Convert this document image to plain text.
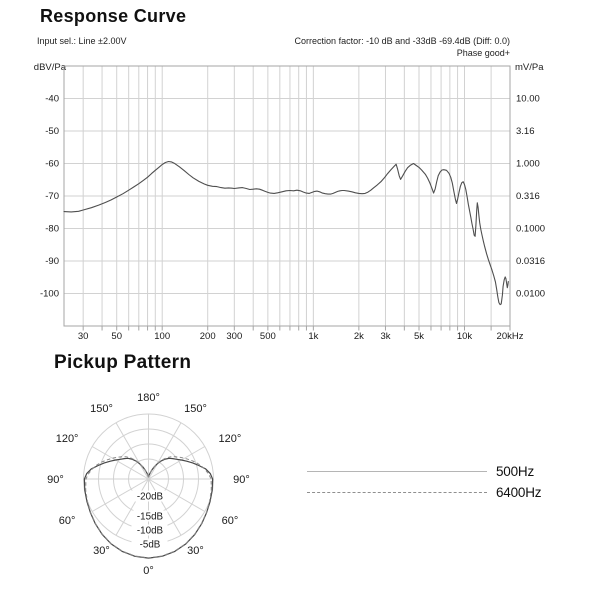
Response Curve
Input sel.: Line ±2.00V	Correction factor: -10 dB and -33dB -69.4dB (Diff: 0.0)
Phase good+
dBV/Pa	mV/Pa
-40	10.00
-50	3.16
-60	1.000
-70	0.316
-80	0.1000
-90	0.0316
-100	0.0100
30 50	100	200 300 500	1k	2k 3k 5k	10k	20kHz
Pickup Pattern
-20dB
-15dB
-10dB
-5dB
180°
150°	150°
120°	120°
90°	90°
60°	60°
30°	30°
0°
500Hz
6400Hz
